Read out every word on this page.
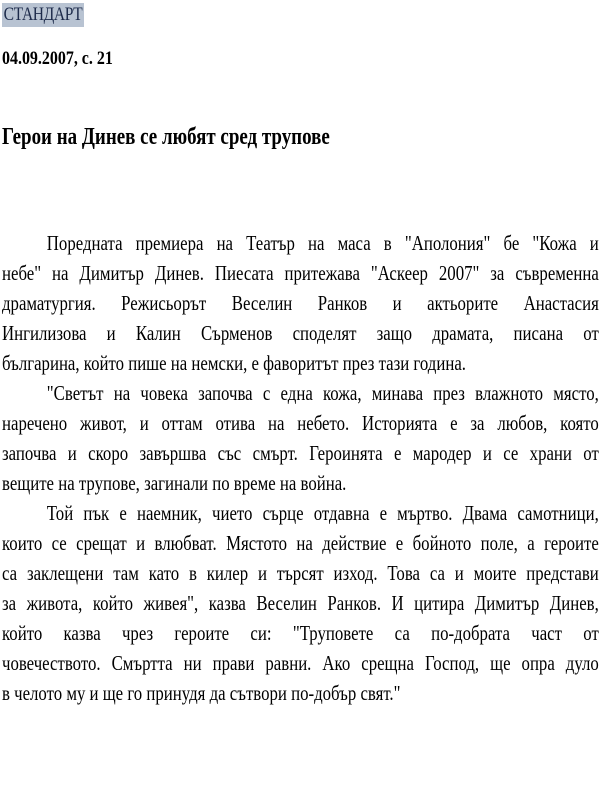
СТАНДАРТ
04.09.2007, с. 21
Герои на Динев се любят сред трупове
Поредната премиера на Театър на маса в "Аполония" бе "Кожа и
небе" на Димитър Динев. Пиесата притежава "Аскеер 2007" за съвременна
драматургия. Режисьорът Веселин Ранков и актьорите Анастасия
Ингилизова и Калин Сърменов споделят защо драмата, писана от
българина, който пише на немски, е фаворитът през тази година.
"Светът на човека започва с една кожа, минава през влажното място,
наречено живот, и оттам отива на небето. Историята е за любов, която
започва и скоро завършва със смърт. Героинята е мародер и се храни от
вещите на трупове, загинали по време на война.
Той пък е наемник, чието сърце отдавна е мъртво. Двама самотници,
които се срещат и влюбват. Мястото на действие е бойното поле, а героите
са заклещени там като в килер и търсят изход. Това са и моите представи
за живота, който живея", казва Веселин Ранков. И цитира Димитър Динев,
който казва чрез героите си: "Труповете са по-добрата част от
човечеството. Смъртта ни прави равни. Ако срещна Господ, ще опра дуло
в челото му и ще го принудя да сътвори по-добър свят."
